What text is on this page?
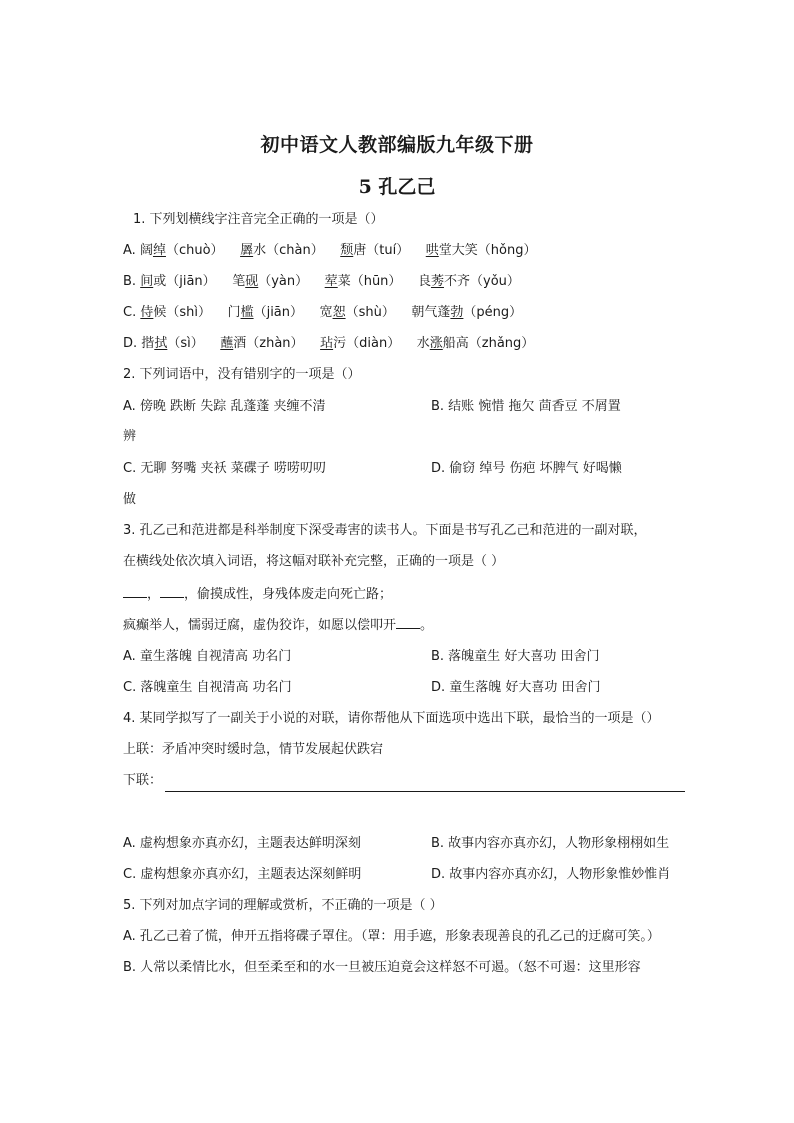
初中语文人教部编版九年级下册
5 孔乙己
1. 下列划横线字注音完全正确的一项是（）
A. 阔绰（chuò） 羼水（chàn） 颓唐（tuí） 哄堂大笑（hǒng）
B. 间或（jiān） 笔砚（yàn） 荤菜（hūn） 良莠不齐（yǒu）
C. 侍候（shì） 门槛（jiān） 宽恕（shù） 朝气蓬勃（péng）
D. 揩拭（sì） 蘸酒（zhàn） 玷污（diàn） 水涨船高（zhǎng）
2. 下列词语中，没有错别字的一项是（）
A. 傍晚 跌断 失踪 乱蓬蓬 夹缠不清	B. 结账 惋惜 拖欠 茴香豆 不屑置
辨
C. 无聊 努嘴 夹袄 菜碟子 唠唠叨叨	D. 偷窃 绰号 伤疤 坏脾气 好喝懒
做
3. 孔乙己和范进都是科举制度下深受毒害的读书人。下面是书写孔乙己和范进的一副对联，
在横线处依次填入词语，将这幅对联补充完整，正确的一项是（ ）
， ，偷摸成性，身残体废走向死亡路；
疯癫举人，懦弱迂腐，虚伪狡诈，如愿以偿叩开 。
A. 童生落魄 自视清高 功名门	B. 落魄童生 好大喜功 田舍门
C. 落魄童生 自视清高 功名门	D. 童生落魄 好大喜功 田舍门
4. 某同学拟写了一副关于小说的对联，请你帮他从下面选项中选出下联，最恰当的一项是（）
上联：矛盾冲突时缓时急，情节发展起伏跌宕
下联：
A. 虚构想象亦真亦幻，主题表达鲜明深刻	B. 故事内容亦真亦幻，人物形象栩栩如生
C. 虚构想象亦真亦幻，主题表达深刻鲜明	D. 故事内容亦真亦幻，人物形象惟妙惟肖
5. 下列对加点字词的理解或赏析，不正确的一项是（ ）
A. 孔乙己着了慌，伸开五指将碟子罩住。（罩：用手遮，形象表现善良的孔乙己的迂腐可笑。）
B. 人常以柔情比水，但至柔至和的水一旦被压迫竟会这样怒不可遏。（怒不可遏：这里形容
